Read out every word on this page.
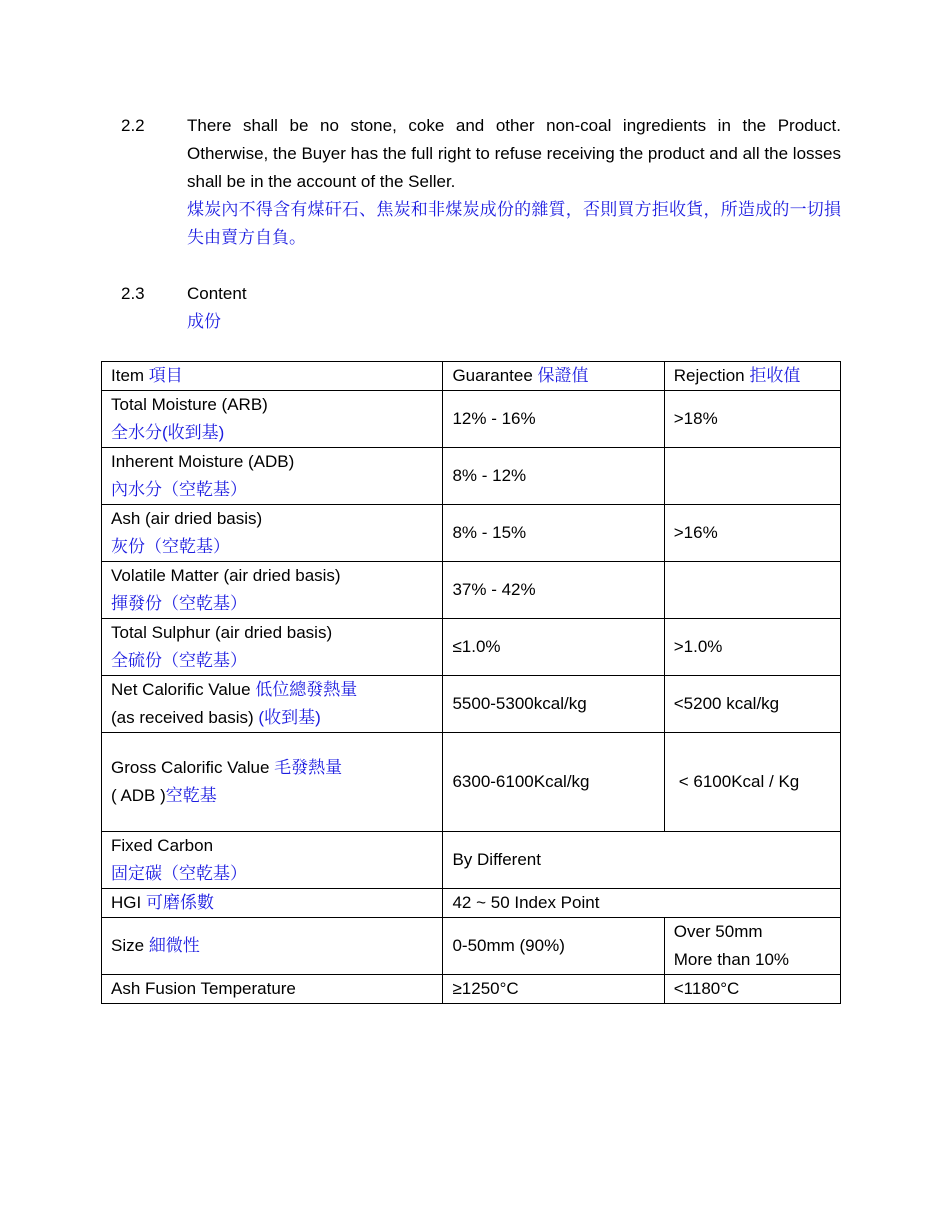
2.2 There shall be no stone, coke and other non-coal ingredients in the Product. Otherwise, the Buyer has the full right to refuse receiving the product and all the losses shall be in the account of the Seller.
煤炭內不得含有煤矸石、焦炭和非煤炭成份的雜質，否則買方拒收貨，所造成的一切損失由賣方自負。
2.3 Content
成份
Item 項目	Guarantee 保證值	Rejection 拒收值

Total Moisture (ARB)
全水分(收到基)	12% - 16%	>18%

Inherent Moisture (ADB)
內水分（空乾基）	8% - 12%	

Ash (air dried basis)
灰份（空乾基）	8% - 15%	>16%

Volatile Matter (air dried basis)
揮發份（空乾基）	37% - 42%	

Total Sulphur (air dried basis)
全硫份（空乾基）	≤1.0%	>1.0%

Net Calorific Value 低位總發熱量
(as received basis) (收到基)	5500-5300kcal/kg	<5200 kcal/kg

Gross Calorific Value 毛發熱量
( ADB )空乾基	6300-6100Kcal/kg	< 6100Kcal / Kg

Fixed Carbon
固定碳（空乾基）	By Different	
HGI 可磨係數	42 ~ 50 Index Point	
Size 細微性	0-50mm (90%)	Over 50mm
More than 10%

Ash Fusion Temperature	≥1250°C	<1180°C
